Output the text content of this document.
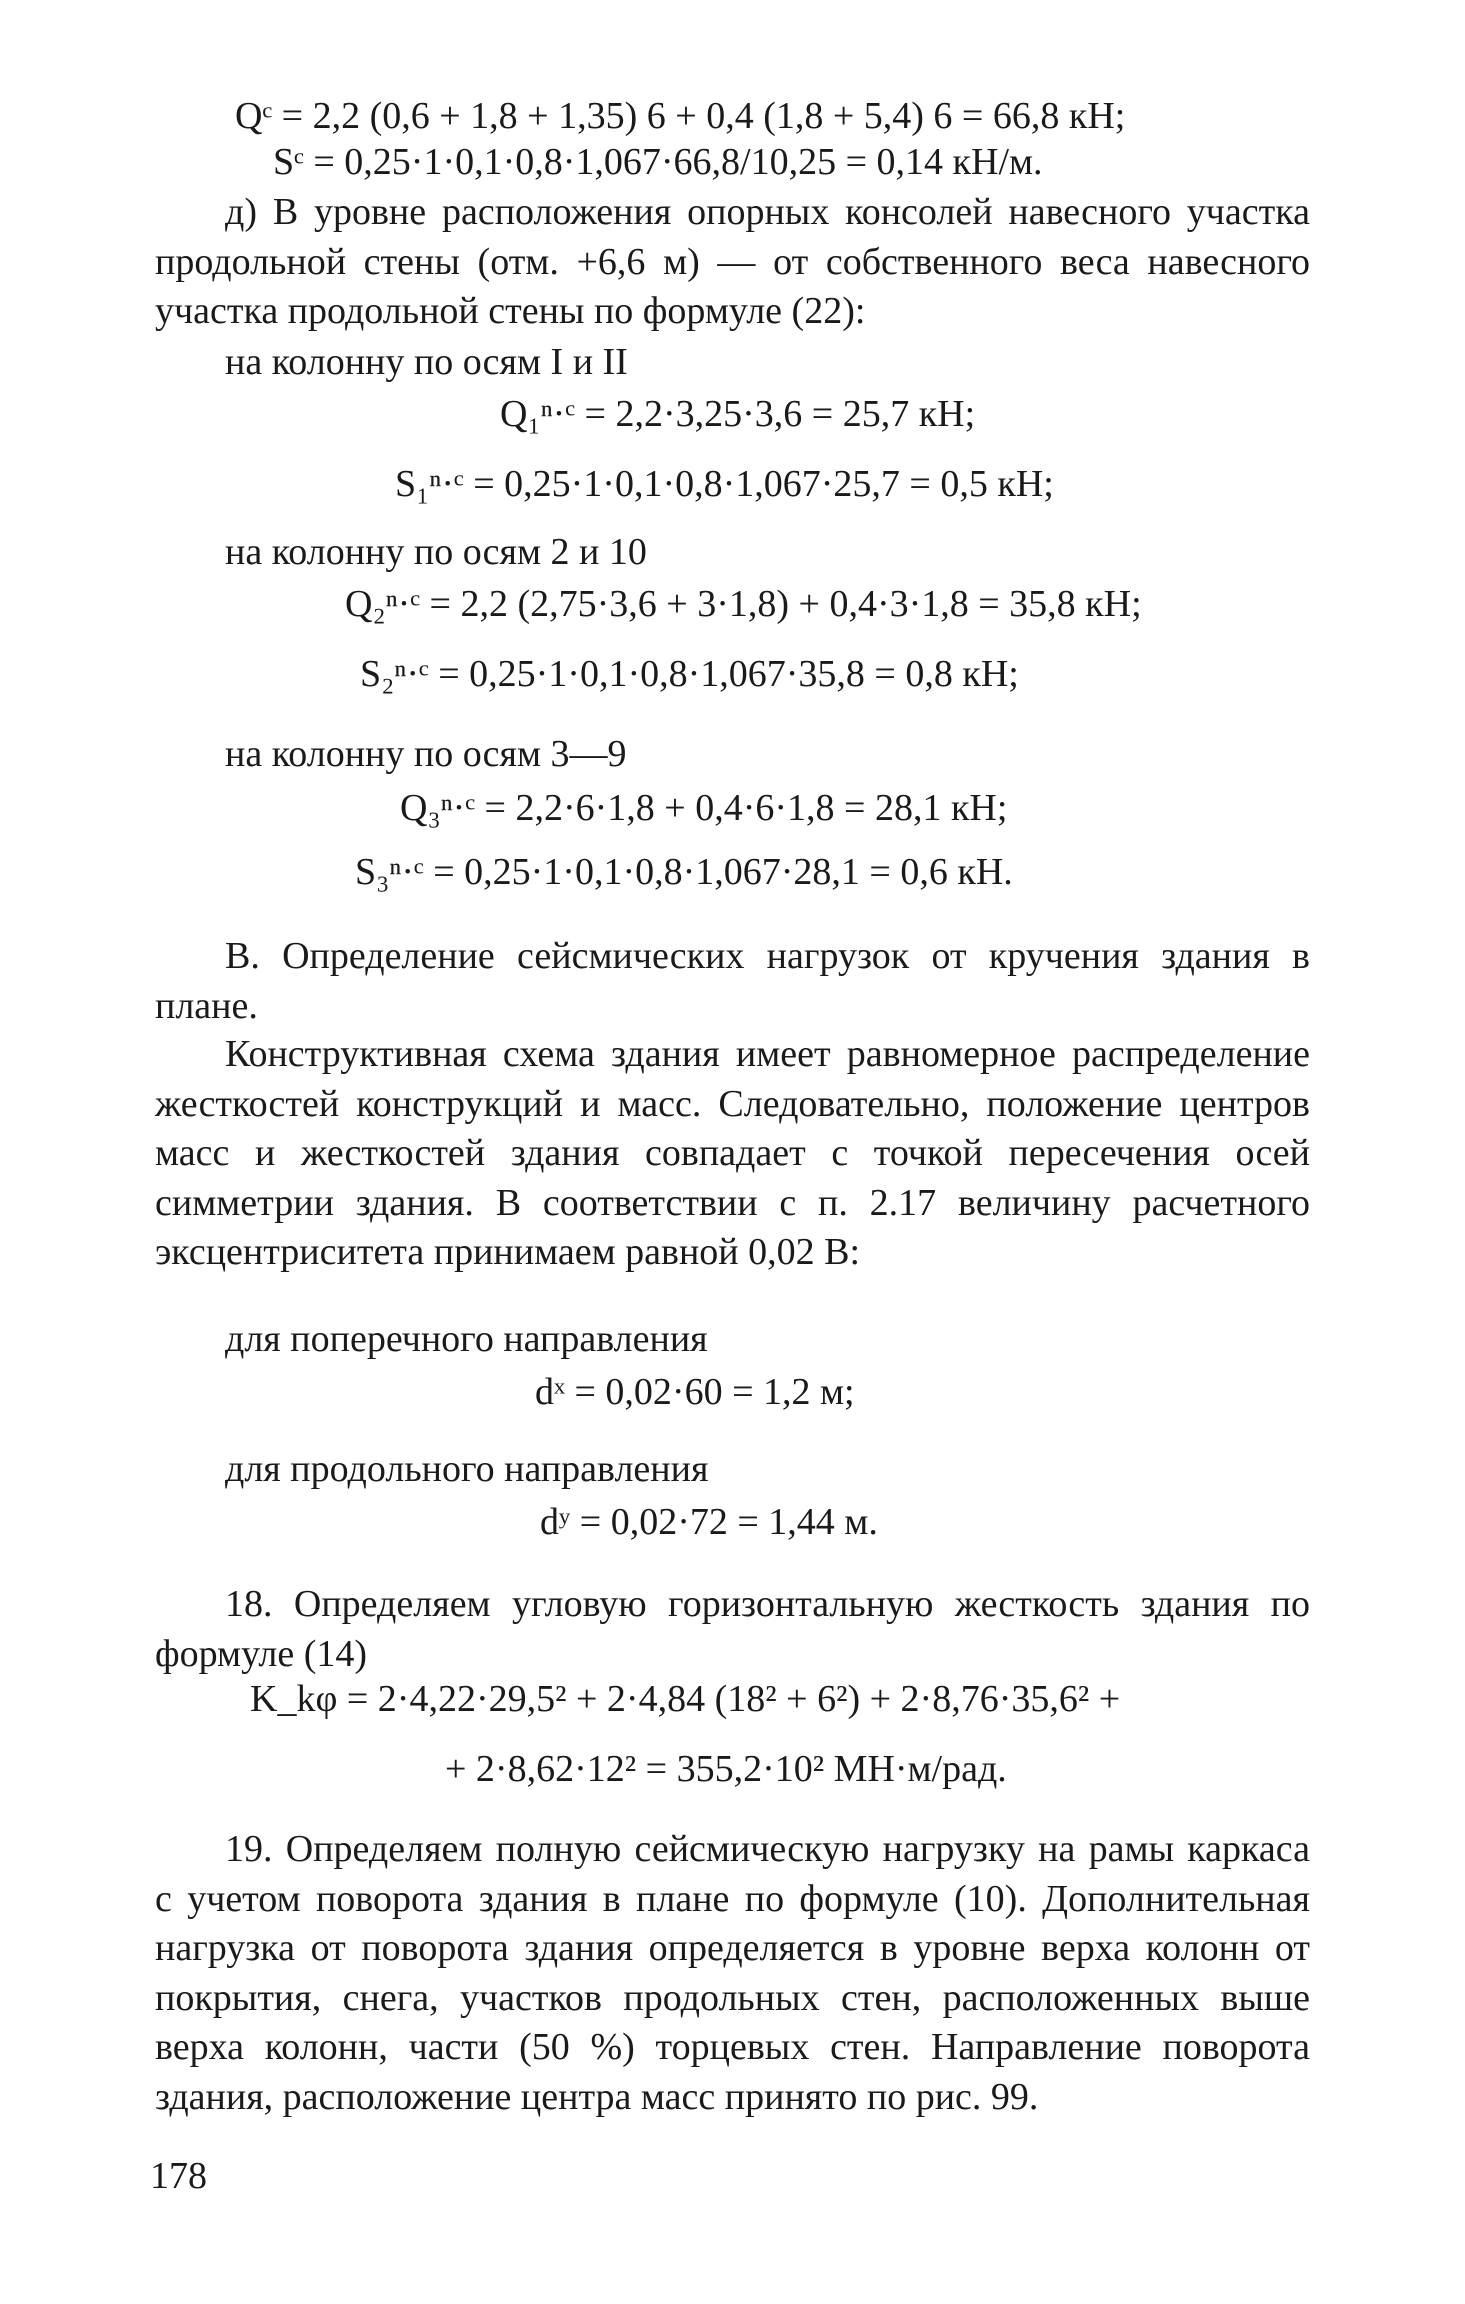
Qᶜ = 2,2 (0,6 + 1,8 + 1,35) 6 + 0,4 (1,8 + 5,4) 6 = 66,8 кН;
Sᶜ = 0,25·1·0,1·0,8·1,067·66,8/10,25 = 0,14 кН/м.
д) В уровне расположения опорных консолей навесного участка продольной стены (отм. +6,6 м) — от собственного веса навесного участка продольной стены по формуле (22):
на колонну по осям I и II
Q₁ⁿ·ᶜ = 2,2·3,25·3,6 = 25,7 кН;
S₁ⁿ·ᶜ = 0,25·1·0,1·0,8·1,067·25,7 = 0,5 кН;
на колонну по осям 2 и 10
Q₂ⁿ·ᶜ = 2,2 (2,75·3,6 + 3·1,8) + 0,4·3·1,8 = 35,8 кН;
S₂ⁿ·ᶜ = 0,25·1·0,1·0,8·1,067·35,8 = 0,8 кН;
на колонну по осям 3—9
Q₃ⁿ·ᶜ = 2,2·6·1,8 + 0,4·6·1,8 = 28,1 кН;
S₃ⁿ·ᶜ = 0,25·1·0,1·0,8·1,067·28,1 = 0,6 кН.
В. Определение сейсмических нагрузок от кручения здания в плане.
Конструктивная схема здания имеет равномерное распределение жесткостей конструкций и масс. Следовательно, положение центров масс и жесткостей здания совпадает с точкой пересечения осей симметрии здания. В соответствии с п. 2.17 величину расчетного эксцентриситета принимаем равной 0,02 B:
для поперечного направления
dˣ = 0,02·60 = 1,2 м;
для продольного направления
dʸ = 0,02·72 = 1,44 м.
18. Определяем угловую горизонтальную жесткость здания по формуле (14)
K_kφ = 2·4,22·29,5² + 2·4,84 (18² + 6²) + 2·8,76·35,6² +
+ 2·8,62·12² = 355,2·10² МН·м/рад.
19. Определяем полную сейсмическую нагрузку на рамы каркаса с учетом поворота здания в плане по формуле (10). Дополнительная нагрузка от поворота здания определяется в уровне верха колонн от покрытия, снега, участков продольных стен, расположенных выше верха колонн, части (50 %) торцевых стен. Направление поворота здания, расположение центра масс принято по рис. 99.
178
